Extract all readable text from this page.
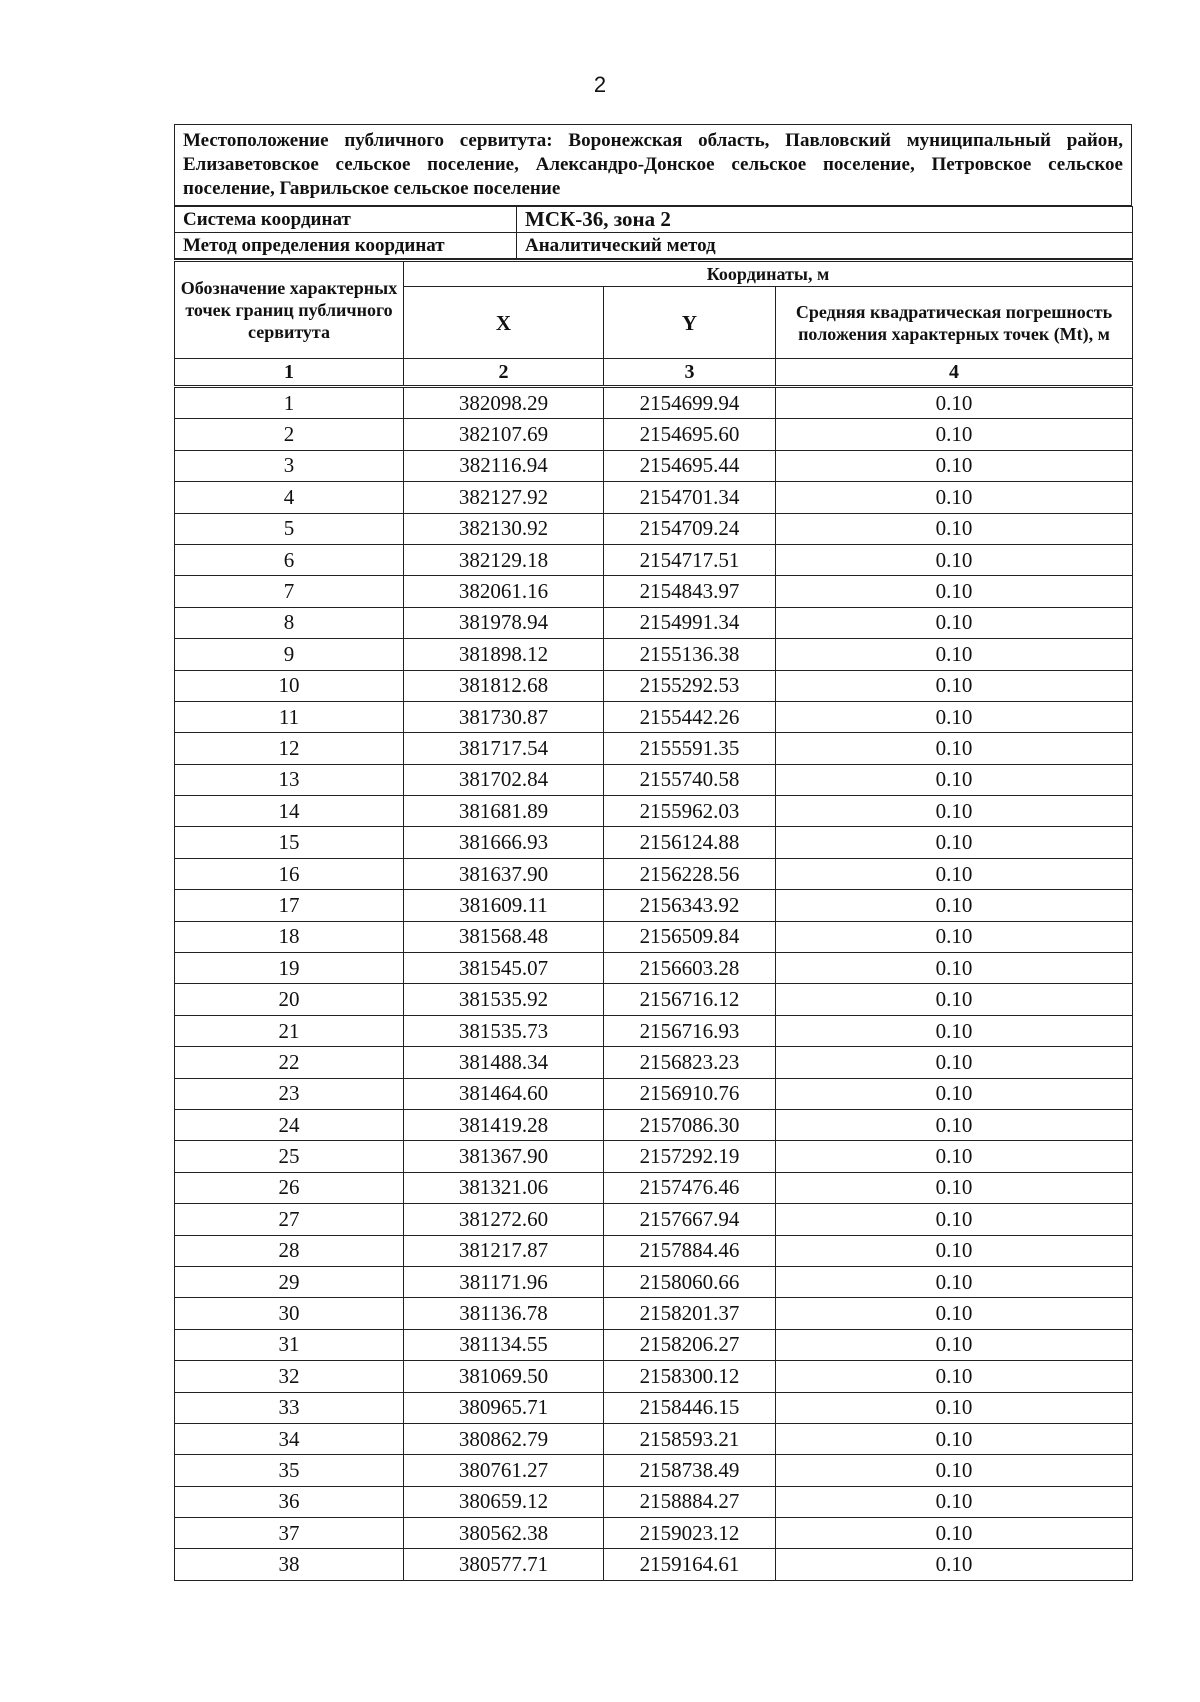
2
Местоположение публичного сервитута: Воронежская область, Павловский муниципальный район, Елизаветовское сельское поселение, Александро-Донское сельское поселение, Петровское сельское поселение, Гаврильское сельское поселение
Система координат	МСК-36, зона 2
Метод определения координат	Аналитический метод
Обозначение характерных точек границ публичного сервитута	Координаты, м		
	X	Y	Средняя квадратическая погрешность положения характерных точек (Mt), м
1	2	3	4
1	382098.29	2154699.94	0.10
2	382107.69	2154695.60	0.10
3	382116.94	2154695.44	0.10
4	382127.92	2154701.34	0.10
5	382130.92	2154709.24	0.10
6	382129.18	2154717.51	0.10
7	382061.16	2154843.97	0.10
8	381978.94	2154991.34	0.10
9	381898.12	2155136.38	0.10
10	381812.68	2155292.53	0.10
11	381730.87	2155442.26	0.10
12	381717.54	2155591.35	0.10
13	381702.84	2155740.58	0.10
14	381681.89	2155962.03	0.10
15	381666.93	2156124.88	0.10
16	381637.90	2156228.56	0.10
17	381609.11	2156343.92	0.10
18	381568.48	2156509.84	0.10
19	381545.07	2156603.28	0.10
20	381535.92	2156716.12	0.10
21	381535.73	2156716.93	0.10
22	381488.34	2156823.23	0.10
23	381464.60	2156910.76	0.10
24	381419.28	2157086.30	0.10
25	381367.90	2157292.19	0.10
26	381321.06	2157476.46	0.10
27	381272.60	2157667.94	0.10
28	381217.87	2157884.46	0.10
29	381171.96	2158060.66	0.10
30	381136.78	2158201.37	0.10
31	381134.55	2158206.27	0.10
32	381069.50	2158300.12	0.10
33	380965.71	2158446.15	0.10
34	380862.79	2158593.21	0.10
35	380761.27	2158738.49	0.10
36	380659.12	2158884.27	0.10
37	380562.38	2159023.12	0.10
38	380577.71	2159164.61	0.10
